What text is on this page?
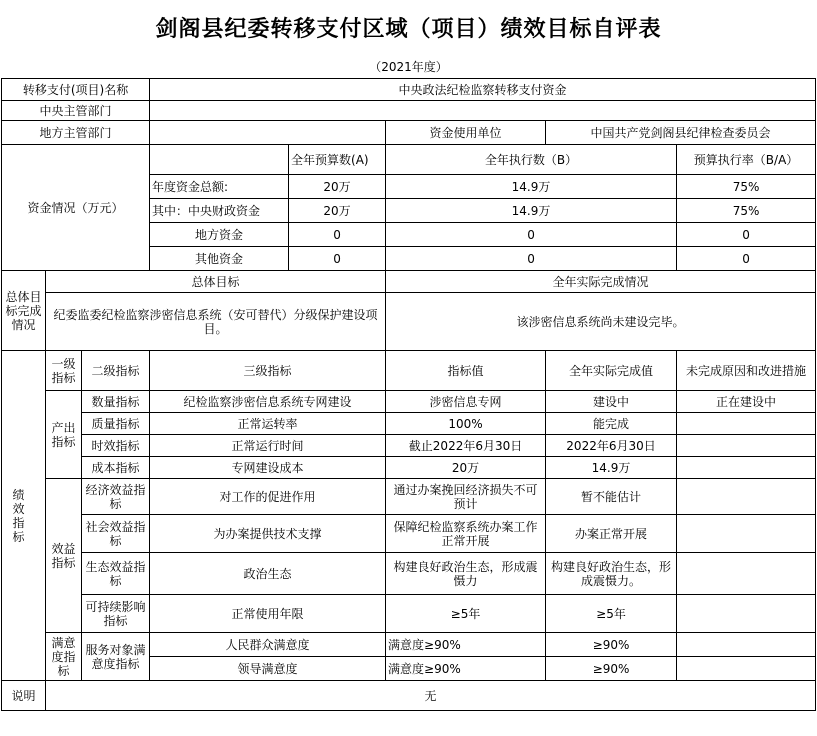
剑阁县纪委转移支付区域（项目）绩效目标自评表
（2021年度）
转移支付(项目)名称			中央政法纪检监察转移支付资金				
中央主管部门							
地方主管部门					资金使用单位	中国共产党剑阁县纪律检查委员会	
资金情况（万元）				全年预算数(A)	全年执行数（B）		预算执行率（B/A）
			年度资金总额:	20万	14.9万		75%
			其中：中央财政资金	20万	14.9万		75%
			地方资金	0	0		0
			其他资金	0	0		0
总体目标完成情况	总体目标				全年实际完成情况		
	纪委监委纪检监察涉密信息系统（安可替代）分级保护建设项目。				该涉密信息系统尚未建设完毕。		
绩效指标	一级指标	二级指标	三级指标		指标值	全年实际完成值	未完成原因和改进措施
	产出指标	数量指标	纪检监察涉密信息系统专网建设		涉密信息专网	建设中	正在建设中
		质量指标	正常运转率		100%	能完成	
		时效指标	正常运行时间		截止2022年6月30日	2022年6月30日	
		成本指标	专网建设成本		20万	14.9万	
	效益指标	经济效益指标	对工作的促进作用		通过办案挽回经济损失不可预计	暂不能估计	
		社会效益指标	为办案提供技术支撑		保障纪检监察系统办案工作正常开展	办案正常开展	
		生态效益指标	政治生态		构建良好政治生态，形成震慑力	构建良好政治生态，形成震慑力。	
		可持续影响指标	正常使用年限		≥5年	≥5年	
	满意度指标	服务对象满意度指标	人民群众满意度		满意度≥90%	≥90%	
			领导满意度		满意度≥90%	≥90%	
说明	无						
